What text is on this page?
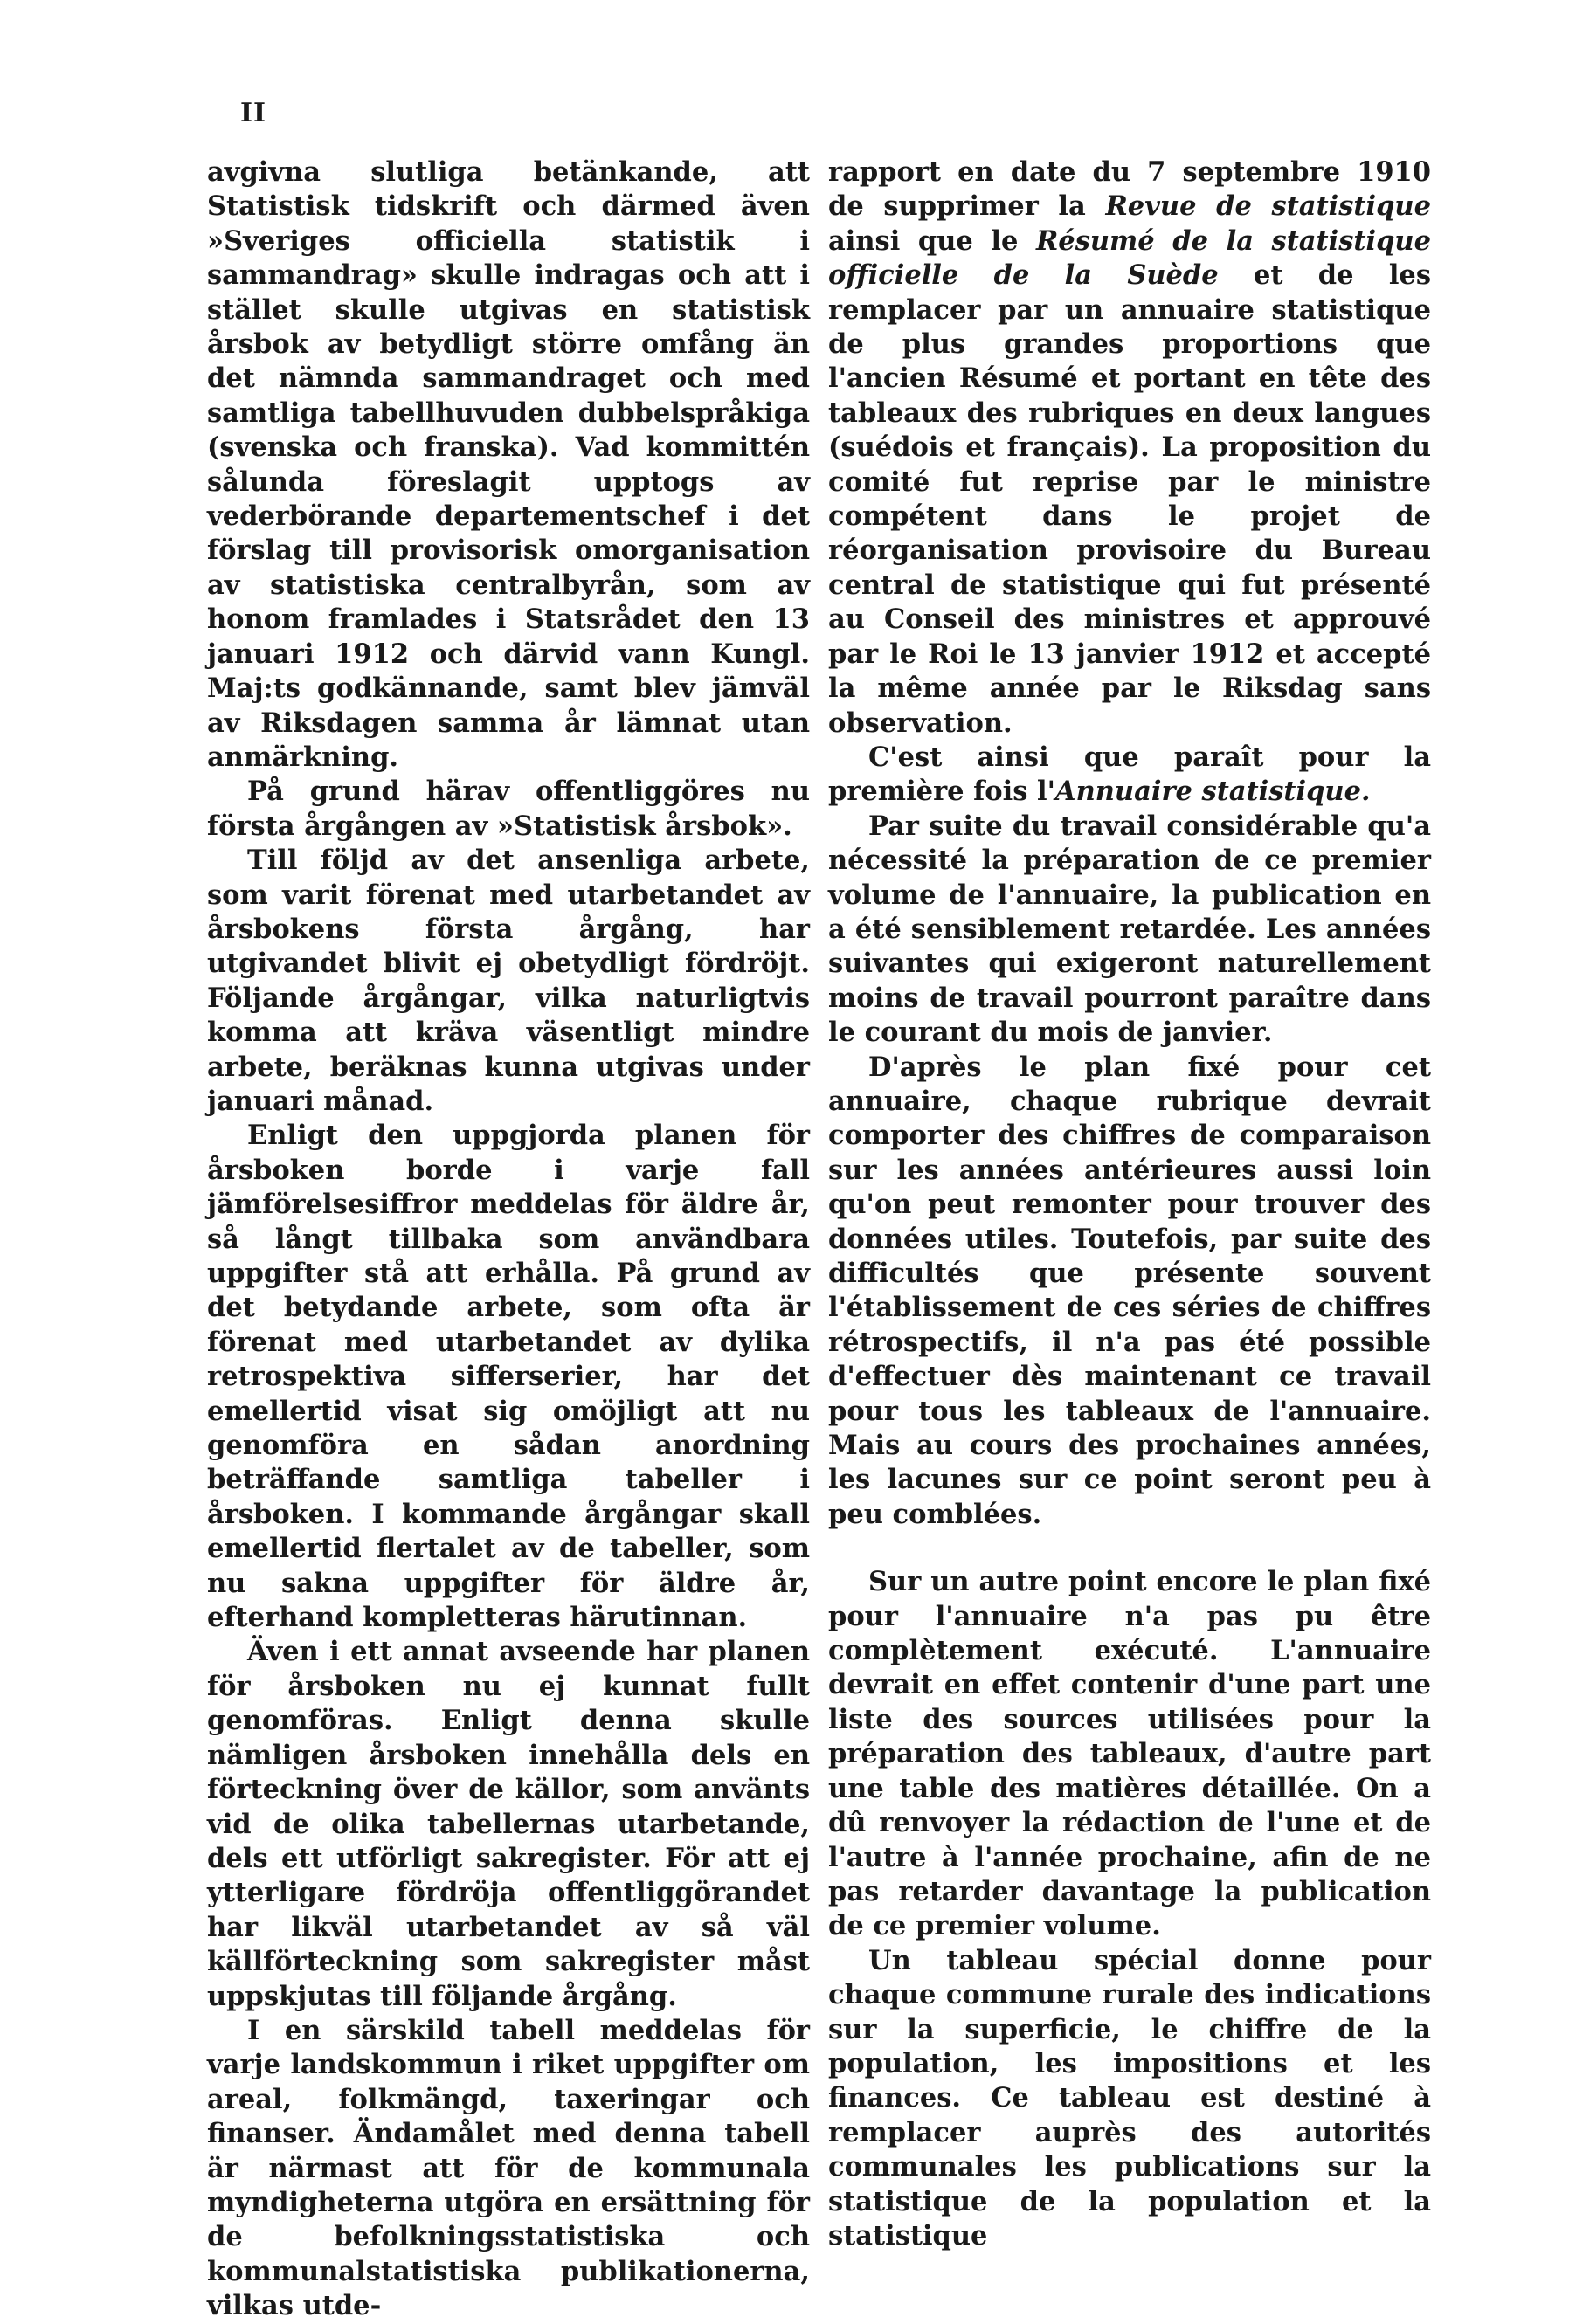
II

avgivna slutliga betänkande, att Statistisk tidskrift och därmed även »Sveriges officiella statistik i sammandrag» skulle indragas och att i stället skulle utgivas en statistisk årsbok av betydligt större omfång än det nämnda sammandraget och med samtliga tabellhuvuden dubbelspråkiga (svenska och franska). Vad kommittén sålunda föreslagit upptogs av vederbörande departementschef i det förslag till provisorisk omorganisation av statistiska centralbyrån, som av honom framlades i Statsrådet den 13 januari 1912 och därvid vann Kungl. Maj:ts godkännande, samt blev jämväl av Riksdagen samma år lämnat utan anmärkning.

På grund härav offentliggöres nu första årgången av »Statistisk årsbok».

Till följd av det ansenliga arbete, som varit förenat med utarbetandet av årsbokens första årgång, har utgivandet blivit ej obetydligt fördröjt. Följande årgångar, vilka naturligtvis komma att kräva väsentligt mindre arbete, beräknas kunna utgivas under januari månad.

Enligt den uppgjorda planen för årsboken borde i varje fall jämförelsesiffror meddelas för äldre år, så långt tillbaka som användbara uppgifter stå att erhålla. På grund av det betydande arbete, som ofta är förenat med utarbetandet av dylika retrospektiva sifferserier, har det emellertid visat sig omöjligt att nu genomföra en sådan anordning beträffande samtliga tabeller i årsboken. I kommande årgångar skall emellertid flertalet av de tabeller, som nu sakna uppgifter för äldre år, efterhand kompletteras härutinnan.

Även i ett annat avseende har planen för årsboken nu ej kunnat fullt genomföras. Enligt denna skulle nämligen årsboken innehålla dels en förteckning över de källor, som använts vid de olika tabellernas utarbetande, dels ett utförligt sakregister. För att ej ytterligare fördröja offentliggörandet har likväl utarbetandet av så väl källförteckning som sakregister måst uppskjutas till följande årgång.

I en särskild tabell meddelas för varje landskommun i riket uppgifter om areal, folkmängd, taxeringar och finanser. Ändamålet med denna tabell är närmast att för de kommunala myndigheterna utgöra en ersättning för de befolkningsstatistiska och kommunalstatistiska publikationerna, vilkas utde-

rapport en date du 7 septembre 1910 de supprimer la Revue de statistique ainsi que le Résumé de la statistique officielle de la Suède et de les remplacer par un annuaire statistique de plus grandes proportions que l'ancien Résumé et portant en tête des tableaux des rubriques en deux langues (suédois et français). La proposition du comité fut reprise par le ministre compétent dans le projet de réorganisation provisoire du Bureau central de statistique qui fut présenté au Conseil des ministres et approuvé par le Roi le 13 janvier 1912 et accepté la même année par le Riksdag sans observation.

C'est ainsi que paraît pour la première fois l'Annuaire statistique.

Par suite du travail considérable qu'a nécessité la préparation de ce premier volume de l'annuaire, la publication en a été sensiblement retardée. Les années suivantes qui exigeront naturellement moins de travail pourront paraître dans le courant du mois de janvier.

D'après le plan fixé pour cet annuaire, chaque rubrique devrait comporter des chiffres de comparaison sur les années antérieures aussi loin qu'on peut remonter pour trouver des données utiles. Toutefois, par suite des difficultés que présente souvent l'établissement de ces séries de chiffres rétrospectifs, il n'a pas été possible d'effectuer dès maintenant ce travail pour tous les tableaux de l'annuaire. Mais au cours des prochaines années, les lacunes sur ce point seront peu à peu comblées.

Sur un autre point encore le plan fixé pour l'annuaire n'a pas pu être complètement exécuté. L'annuaire devrait en effet contenir d'une part une liste des sources utilisées pour la préparation des tableaux, d'autre part une table des matières détaillée. On a dû renvoyer la rédaction de l'une et de l'autre à l'année prochaine, afin de ne pas retarder davantage la publication de ce premier volume.

Un tableau spécial donne pour chaque commune rurale des indications sur la superficie, le chiffre de la population, les impositions et les finances. Ce tableau est destiné à remplacer auprès des autorités communales les publications sur la statistique de la population et la statistique
